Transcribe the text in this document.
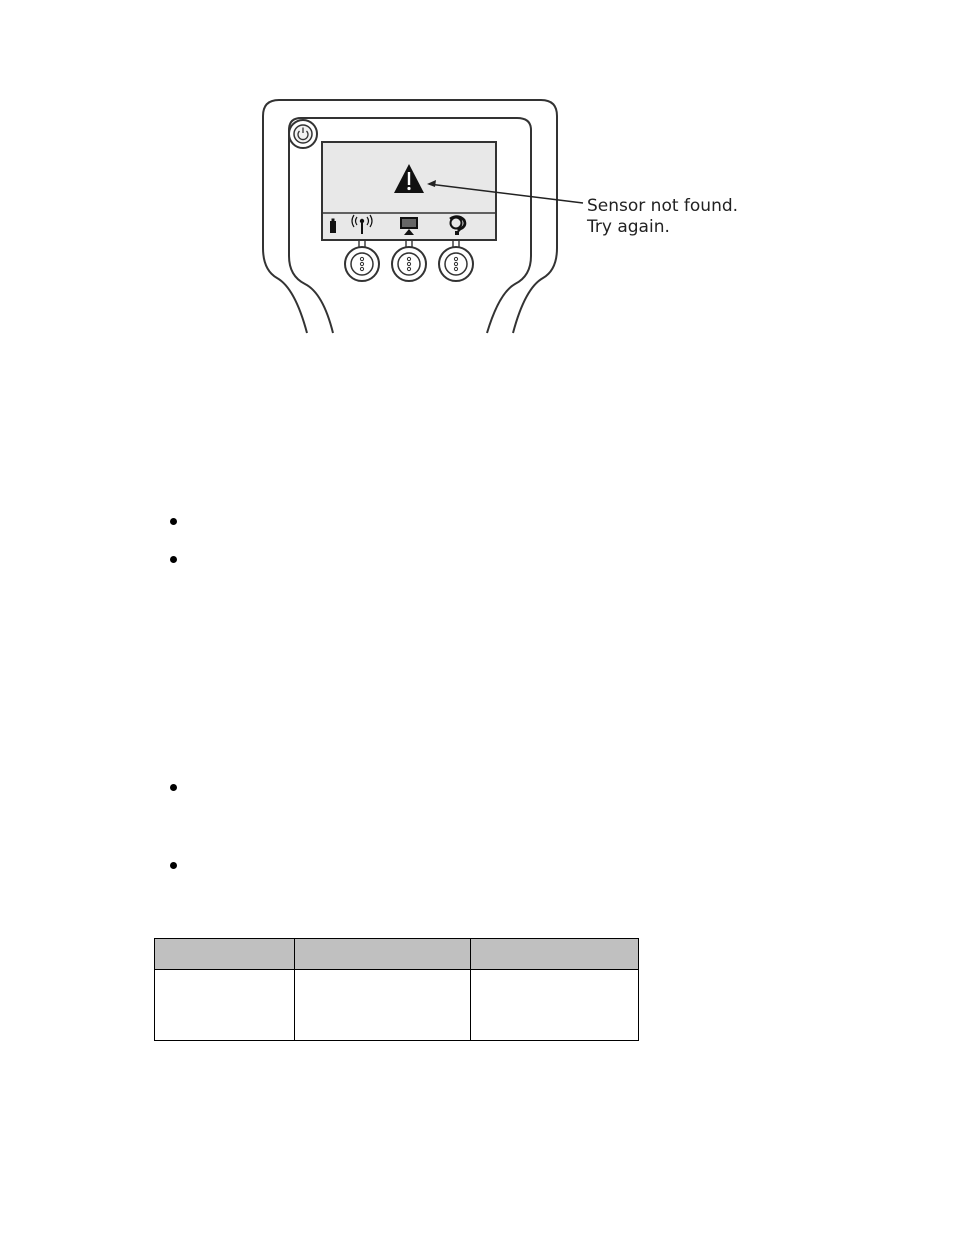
Sensor not found.
Try again.
